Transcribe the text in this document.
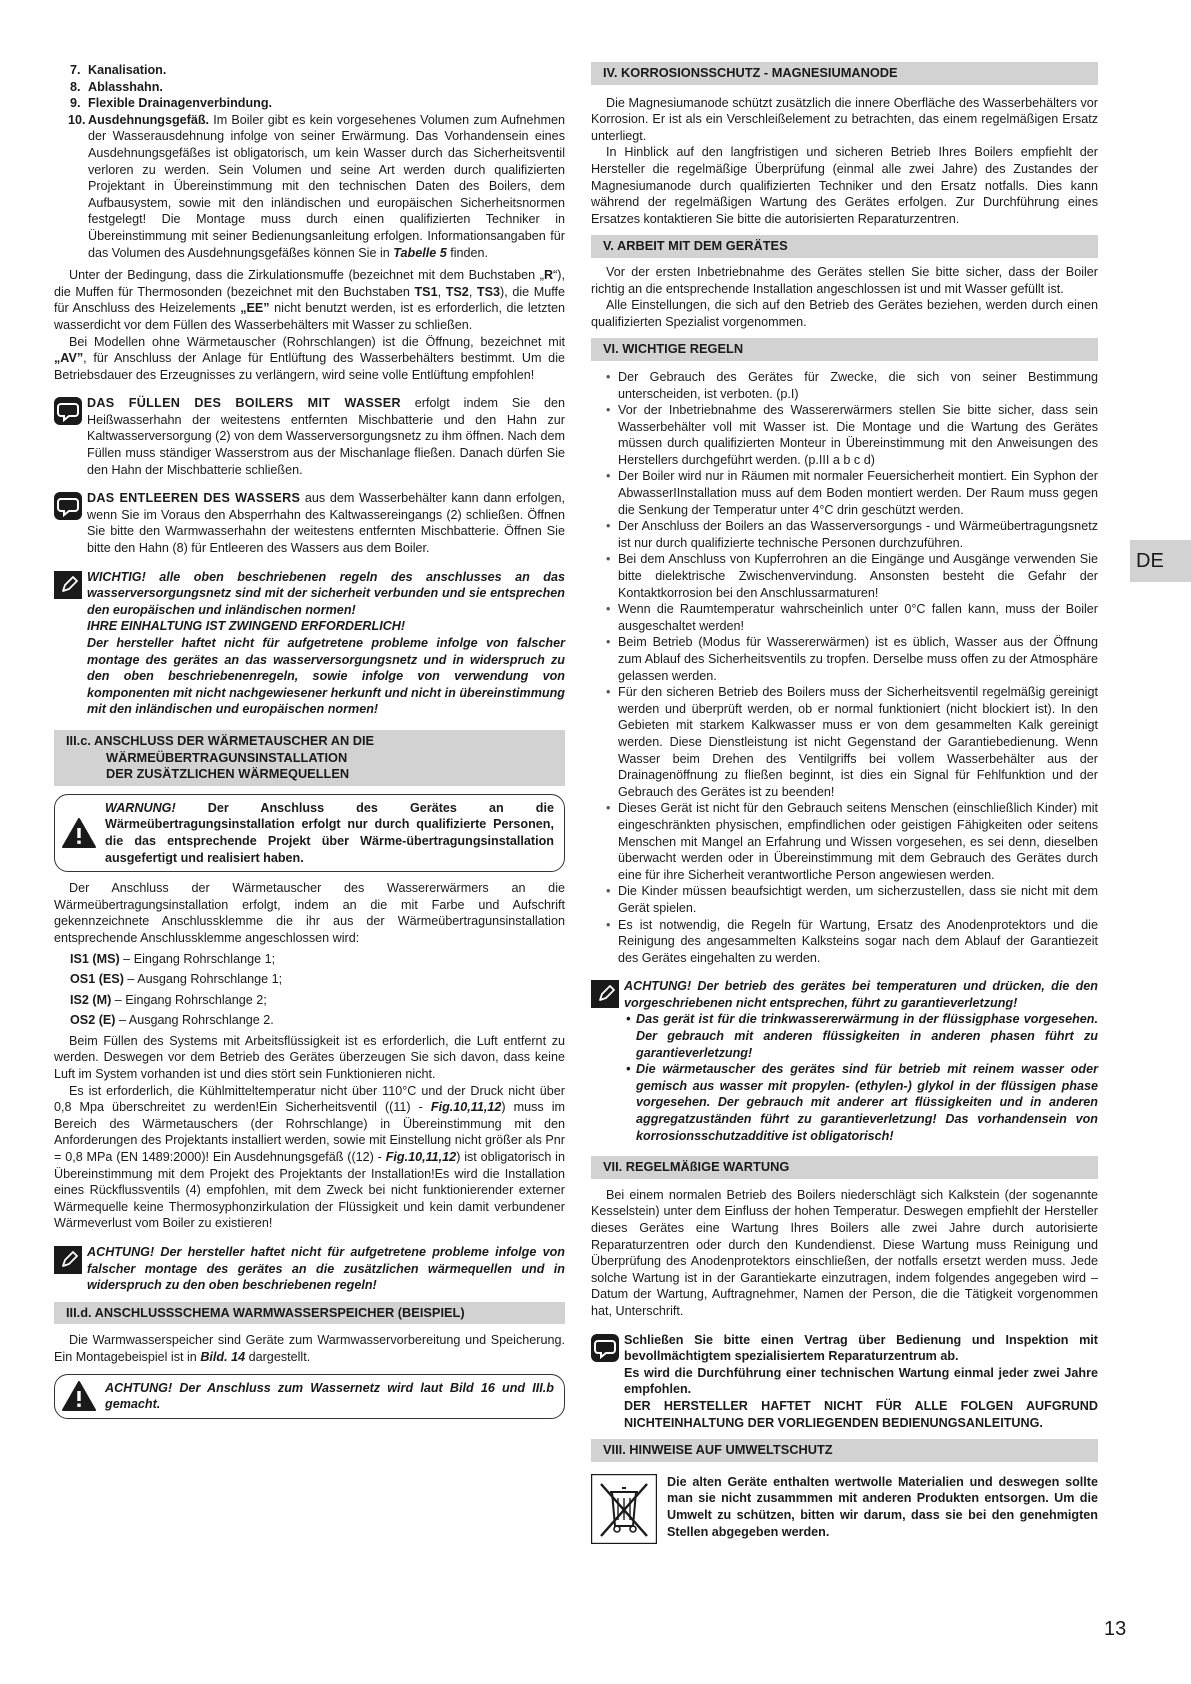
7. Kanalisation.
8. Ablasshahn.
9. Flexible Drainagenverbindung.
10. Ausdehnungsgefäß. Im Boiler gibt es kein vorgesehenes Volumen zum Aufnehmen der Wasserausdehnung infolge von seiner Erwärmung. Das Vorhandensein eines Ausdehnungsgefäßes ist obligatorisch, um kein Wasser durch das Sicherheitsventil verloren zu werden. Sein Volumen und seine Art werden durch qualifizierten Projektant in Übereinstimmung mit den technischen Daten des Boilers, dem Aufbausystem, sowie mit den inländischen und europäischen Sicherheitsnormen festgelegt! Die Montage muss durch einen qualifizierten Techniker in Übereinstimmung mit seiner Bedienungsanleitung erfolgen. Informationsangaben für das Volumen des Ausdehnungsgefäßes können Sie in Tabelle 5 finden.

Unter der Bedingung, dass die Zirkulationsmuffe (bezeichnet mit dem Buchstaben „R“), die Muffen für Thermosonden (bezeichnet mit den Buchstaben TS1, TS2, TS3), die Muffe für Anschluss des Heizelements „EE” nicht benutzt werden, ist es erforderlich, die letzten wasserdicht vor dem Füllen des Wasserbehälters mit Wasser zu schließen.

Bei Modellen ohne Wärmetauscher (Rohrschlangen) ist die Öffnung, bezeichnet mit „AV”, für Anschluss der Anlage für Entlüftung des Wasserbehälters bestimmt. Um die Betriebsdauer des Erzeugnisses zu verlängern, wird seine volle Entlüftung empfohlen!

DAS FÜLLEN DES BOILERS MIT WASSER erfolgt indem Sie den Heißwasserhahn der weitestens entfernten Mischbatterie und den Hahn zur Kaltwasserversorgung (2) von dem Wasserversorgungsnetz zu ihm öffnen. Nach dem Füllen muss ständiger Wasserstrom aus der Mischanlage fließen. Danach dürfen Sie den Hahn der Mischbatterie schließen.
DAS ENTLEEREN DES WASSERS aus dem Wasserbehälter kann dann erfolgen, wenn Sie im Voraus den Absperrhahn des Kaltwassereingangs (2) schließen. Öffnen Sie bitte den Warmwasserhahn der weitestens entfernten Mischbatterie. Öffnen Sie bitte den Hahn (8) für Entleeren des Wassers aus dem Boiler.
WICHTIG! alle oben beschriebenen regeln des anschlusses an das wasserversorgungsnetz sind mit der sicherheit verbunden und sie entsprechen den europäischen und inländischen normen!
IHRE EINHALTUNG IST ZWINGEND ERFORDERLICH!
Der hersteller haftet nicht für aufgetretene probleme infolge von falscher montage des gerätes an das wasserversorgungsnetz und in widerspruch zu den oben beschriebenenregeln, sowie infolge von verwendung von komponenten mit nicht nachgewiesener herkunft und nicht in übereinstimmung mit den inländischen und europäischen normen!
III.c. ANSCHLUSS DER WÄRMETAUSCHER AN DIE
WÄRMEÜBERTRAGUNSINSTALLATION
DER ZUSÄTZLICHEN WÄRMEQUELLEN
WARNUNG! Der Anschluss des Gerätes an die Wärmeübertragungsinstallation erfolgt nur durch qualifizierte Personen, die das entsprechende Projekt über Wärme-übertragungsinstallation ausgefertigt und realisiert haben.

Der Anschluss der Wärmetauscher des Wassererwärmers an die Wärmeübertragungsinstallation erfolgt, indem an die mit Farbe und Aufschrift gekennzeichnete Anschlussklemme die ihr aus der Wärmeübertragunsinstallation entsprechende Anschlussklemme angeschlossen wird:

IS1 (MS) – Eingang Rohrschlange 1;

OS1 (ES) – Ausgang Rohrschlange 1;

IS2 (M) – Eingang Rohrschlange 2;

OS2 (E) – Ausgang Rohrschlange 2.

Beim Füllen des Systems mit Arbeitsflüssigkeit ist es erforderlich, die Luft entfernt zu werden. Deswegen vor dem Betrieb des Gerätes überzeugen Sie sich davon, dass keine Luft im System vorhanden ist und dies stört sein Funktionieren nicht.

Es ist erforderlich, die Kühlmitteltemperatur nicht über 110°C und der Druck nicht über 0,8 Mpa überschreitet zu werden!Ein Sicherheitsventil ((11) - Fig.10,11,12) muss im Bereich des Wärmetauschers (der Rohrschlange) in Übereinstimmung mit den Anforderungen des Projektants installiert werden, sowie mit Einstellung nicht größer als Pnr = 0,8 MPa (EN 1489:2000)! Ein Ausdehnungsgefäß ((12) - Fig.10,11,12) ist obligatorisch in Übereinstimmung mit dem Projekt des Projektants der Installation!Es wird die Installation eines Rückflussventils (4) empfohlen, mit dem Zweck bei nicht funktionierender externer Wärmequelle keine Thermosyphonzirkulation der Flüssigkeit und kein damit verbundener Wärmeverlust vom Boiler zu existieren!

ACHTUNG! Der hersteller haftet nicht für aufgetretene probleme infolge von falscher montage des gerätes an die zusätzlichen wärmequellen und in widerspruch zu den oben beschriebenen regeln!
III.d. ANSCHLUSSSCHEMA WARMWASSERSPEICHER (BEISPIEL)

Die Warmwasserspeicher sind Geräte zum Warmwasservorbereitung und Speicherung. Ein Montagebeispiel ist in Bild. 14 dargestellt.

ACHTUNG! Der Anschluss zum Wassernetz wird laut Bild 16 und III.b gemacht.
IV. KORROSIONSSCHUTZ - MAGNESIUMANODE

Die Magnesiumanode schützt zusätzlich die innere Oberfläche des Wasserbehälters vor Korrosion. Er ist als ein Verschleißelement zu betrachten, das einem regelmäßigen Ersatz unterliegt.

In Hinblick auf den langfristigen und sicheren Betrieb Ihres Boilers empfiehlt der Hersteller die regelmäßige Überprüfung (einmal alle zwei Jahre) des Zustandes der Magnesiumanode durch qualifizierten Techniker und den Ersatz notfalls. Dies kann während der regelmäßigen Wartung des Gerätes erfolgen. Zur Durchführung eines Ersatzes kontaktieren Sie bitte die autorisierten Reparaturzentren.

V. ARBEIT MIT DEM GERÄTES

Vor der ersten Inbetriebnahme des Gerätes stellen Sie bitte sicher, dass der Boiler richtig an die entsprechende Installation angeschlossen ist und mit Wasser gefüllt ist.

Alle Einstellungen, die sich auf den Betrieb des Gerätes beziehen, werden durch einen qualifizierten Spezialist vorgenommen.

VI. WICHTIGE REGELN
• Der Gebrauch des Gerätes für Zwecke, die sich von seiner Bestimmung unterscheiden, ist verboten. (p.I)
• Vor der Inbetriebnahme des Wassererwärmers stellen Sie bitte sicher, dass sein Wasserbehälter voll mit Wasser ist. Die Montage und die Wartung des Gerätes müssen durch qualifizierten Monteur in Übereinstimmung mit den Anweisungen des Herstellers durchgeführt werden. (p.III a b c d)
• Der Boiler wird nur in Räumen mit normaler Feuersicherheit montiert. Ein Syphon der AbwasserIInstallation muss auf dem Boden montiert werden. Der Raum muss gegen die Senkung der Temperatur unter 4°C drin geschützt werden.
• Der Anschluss der Boilers an das Wasserversorgungs - und Wärmeübertragungsnetz ist nur durch qualifizierte technische Personen durchzuführen.
• Bei dem Anschluss von Kupferrohren an die Eingänge und Ausgänge verwenden Sie bitte dielektrische Zwischenvervindung. Ansonsten besteht die Gefahr der Kontaktkorrosion bei den Anschlussarmaturen!
• Wenn die Raumtemperatur wahrscheinlich unter 0°C fallen kann, muss der Boiler ausgeschaltet werden!
• Beim Betrieb (Modus für Wassererwärmen) ist es üblich, Wasser aus der Öffnung zum Ablauf des Sicherheitsventils zu tropfen. Derselbe muss offen zu der Atmosphäre gelassen werden.
• Für den sicheren Betrieb des Boilers muss der Sicherheitsventil regelmäßig gereinigt werden und überprüft werden, ob er normal funktioniert (nicht blockiert ist). In den Gebieten mit starkem Kalkwasser muss er von dem gesammelten Kalk gereinigt werden. Diese Dienstleistung ist nicht Gegenstand der Garantiebedienung. Wenn Wasser beim Drehen des Ventilgriffs bei vollem Wasserbehälter aus der Drainagenöffnung zu fließen beginnt, ist dies ein Signal für Fehlfunktion und der Gebrauch des Gerätes ist zu beenden!
• Dieses Gerät ist nicht für den Gebrauch seitens Menschen (einschließlich Kinder) mit eingeschränkten physischen, empfindlichen oder geistigen Fähigkeiten oder seitens Menschen mit Mangel an Erfahrung und Wissen vorgesehen, es sei denn, dieselben überwacht werden oder in Übereinstimmung mit dem Gebrauch des Gerätes durch eine für ihre Sicherheit verantwortliche Person angewiesen werden.
• Die Kinder müssen beaufsichtigt werden, um sicherzustellen, dass sie nicht mit dem Gerät spielen.
• Es ist notwendig, die Regeln für Wartung, Ersatz des Anodenprotektors und die Reinigung des angesammelten Kalksteins sogar nach dem Ablauf der Garantiezeit des Gerätes eingehalten zu werden.
ACHTUNG! Der betrieb des gerätes bei temperaturen und drücken, die den vorgeschriebenen nicht entsprechen, führt zu garantieverletzung!
• Das gerät ist für die trinkwassererwärmung in der flüssigphase vorgesehen. Der gebrauch mit anderen flüssigkeiten in anderen phasen führt zu garantieverletzung!
• Die wärmetauscher des gerätes sind für betrieb mit reinem wasser oder gemisch aus wasser mit propylen- (ethylen-) glykol in der flüssigen phase vorgesehen. Der gebrauch mit anderer art flüssigkeiten und in anderen aggregatzuständen führt zu garantieverletzung! Das vorhandensein von korrosionsschutzadditive ist obligatorisch!
VII. REGELMÄßIGE WARTUNG

Bei einem normalen Betrieb des Boilers niederschlägt sich Kalkstein (der sogenannte Kesselstein) unter dem Einfluss der hohen Temperatur. Deswegen empfiehlt der Hersteller dieses Gerätes eine Wartung Ihres Boilers alle zwei Jahre durch autorisierte Reparaturzentren oder durch den Kundendienst. Diese Wartung muss Reinigung und Überprüfung des Anodenprotektors einschließen, der notfalls ersetzt werden muss. Jede solche Wartung ist in der Garantiekarte einzutragen, indem folgendes angegeben wird – Datum der Wartung, Auftragnehmer, Namen der Person, die die Tätigkeit vorgenommen hat, Unterschrift.

Schließen Sie bitte einen Vertrag über Bedienung und Inspektion mit bevollmächtigtem spezialisiertem Reparaturzentrum ab.
Es wird die Durchführung einer technischen Wartung einmal jeder zwei Jahre empfohlen.
DER HERSTELLER HAFTET NICHT FÜR ALLE FOLGEN AUFGRUND NICHTEINHALTUNG DER VORLIEGENDEN BEDIENUNGSANLEITUNG.
VIII. HINWEISE AUF UMWELTSCHUTZ
Die alten Geräte enthalten wertwolle Materialien und deswegen sollte man sie nicht zusammmen mit anderen Produkten entsorgen. Um die Umwelt zu schützen, bitten wir darum, dass sie bei den genehmigten Stellen abgegeben werden.
DE
13
